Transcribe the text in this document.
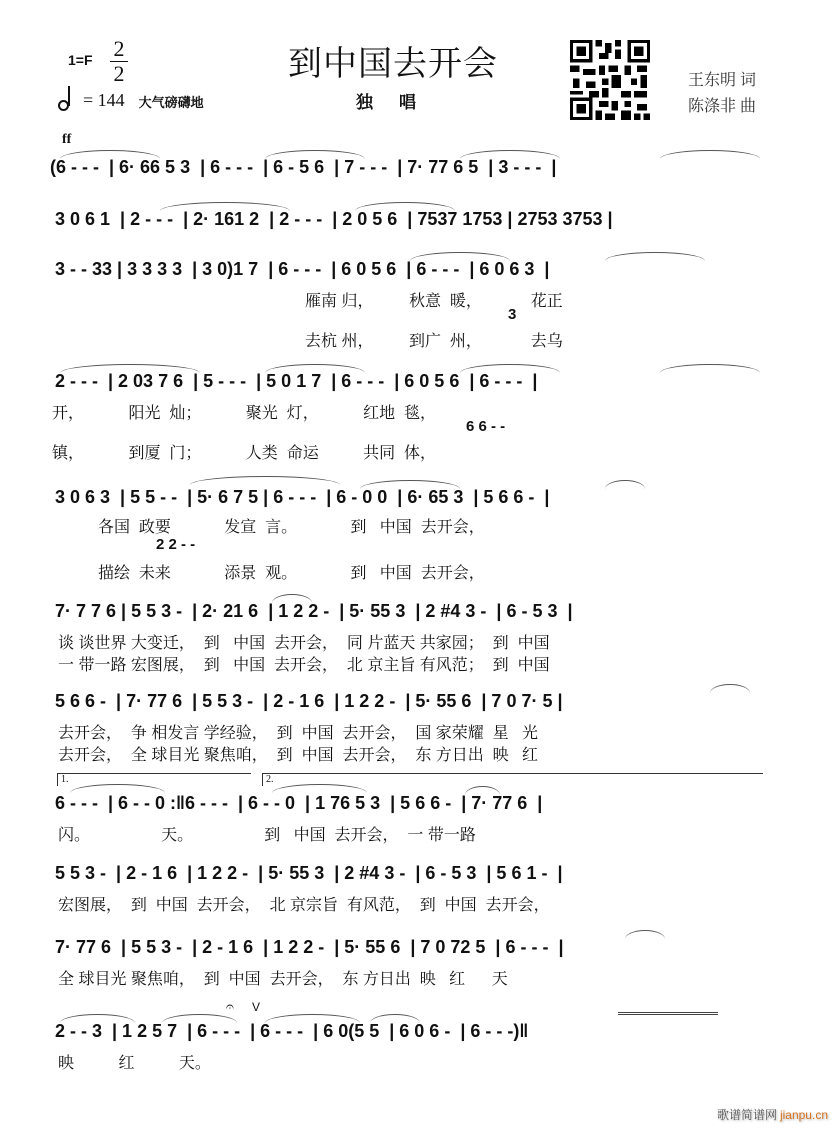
到中国去开会
独唱
1=F 2
2
= 144 大气磅礴地
王东明 词
陈涤非 曲
ff
(6 - - -  | 6· 66 5 3  | 6 - - -  | 6 - 5 6  | 7 - - -  | 7· 77 6 5  | 3 - - -  |
3 0 6 1  | 2 - - -  | 2· 161 2  | 2 - - -  | 2 0 5 6  | 7537 1753 | 2753 3753 |
3 - - 33 | 3 3 3 3  | 3 0)1 7  | 6 - - -  | 6 0 5 6  | 6 - - -  | 6 0 6 3  |
雁南 归，        秋意  暖，           花正
3
去杭 州，        到广  州，           去乌
2 - - -  | 2 03 7 6  | 5 - - -  | 5 0 1 7  | 6 - - -  | 6 0 5 6  | 6 - - -  |
开，          阳光  灿；          聚光  灯，          红地  毯，
6 6 - -
镇，          到厦  门；          人类  命运          共同  体，
3 0 6 3  | 5 5 - -  | 5· 6 7 5 | 6 - - -  | 6 - 0 0  | 6· 65 3  | 5 6 6 -  |
各国  政要            发宣  言。            到   中国  去开会，
2 2 - -
描绘  未来            添景  观。            到   中国  去开会，
7· 7 7 6 | 5 5 3 -  | 2· 21 6  | 1 2 2 -  | 5· 55 3  | 2 #4 3 -  | 6 - 5 3  |
谈 谈世界 大变迁，  到   中国  去开会，  同 片蓝天 共家园；  到  中国
一 带一路 宏图展，  到   中国  去开会，  北 京主旨 有风范；  到  中国
5 6 6 -  | 7· 77 6  | 5 5 3 -  | 2 - 1 6  | 1 2 2 -  | 5· 55 6  | 7 0 7· 5 |
去开会，  争 相发言 学经验，  到  中国  去开会，  国 家荣耀  星   光
去开会，  全 球目光 聚焦咱，  到  中国  去开会，  东 方日出  映   红
1.	2.
6 - - -  | 6 - - 0 :‖6 - - -  | 6 - - 0  | 1 76 5 3  | 5 6 6 -  | 7· 77 6  |
闪。                天。                到   中国  去开会，  一 带一路
5 5 3 -  | 2 - 1 6  | 1 2 2 -  | 5· 55 3  | 2 #4 3 -  | 6 - 5 3  | 5 6 1 -  |
宏图展，  到  中国  去开会，  北 京宗旨  有风范，  到  中国  去开会，
7· 77 6  | 5 5 3 -  | 2 - 1 6  | 1 2 2 -  | 5· 55 6  | 7 0 72 5  | 6 - - -  |
全 球目光 聚焦咱，  到  中国  去开会，  东 方日出  映   红      天
𝄐 V
2 - - 3  | 1 2 5 7  | 6 - - -  | 6 - - -  | 6 0(5 5  | 6 0 6 -  | 6 - - -)‖
映          红          天。
歌谱简谱网 jianpu.cn
